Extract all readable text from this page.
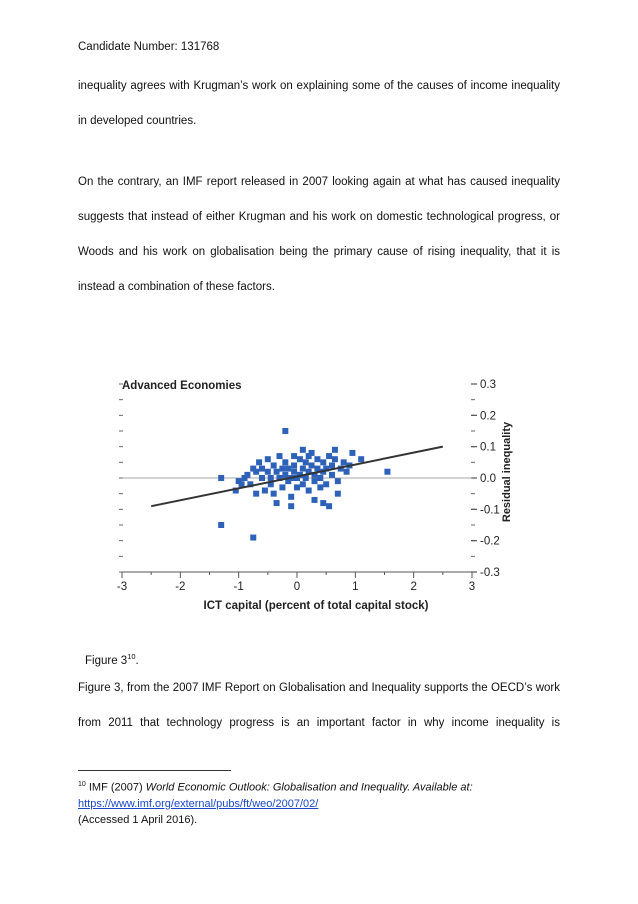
Candidate Number: 131768
inequality agrees with Krugman’s work on explaining some of the causes of income inequality
in developed countries.
On the contrary, an IMF report released in 2007 looking again at what has caused inequality
suggests that instead of either Krugman and his work on domestic technological progress, or
Woods and his work on globalisation being the primary cause of rising inequality, that it is
instead a combination of these factors.
Advanced Economies
-0.3
-0.2
-0.1
0.0
0.1
0.2
0.3
-3	-2	-1	0	1	2	3
ICT capital (percent of total capital stock)
Residual inequality
Figure $3^{10}$.
Figure 3, from the 2007 IMF Report on Globalisation and Inequality supports the OECD’s work
from 2011 that technology progress is an important factor in why income inequality is
$^{10}$ IMF (2007) World Economic Outlook: Globalisation and Inequality. Available at:
https://www.imf.org/external/pubs/ft/weo/2007/02/
(Accessed 1 April 2016).
